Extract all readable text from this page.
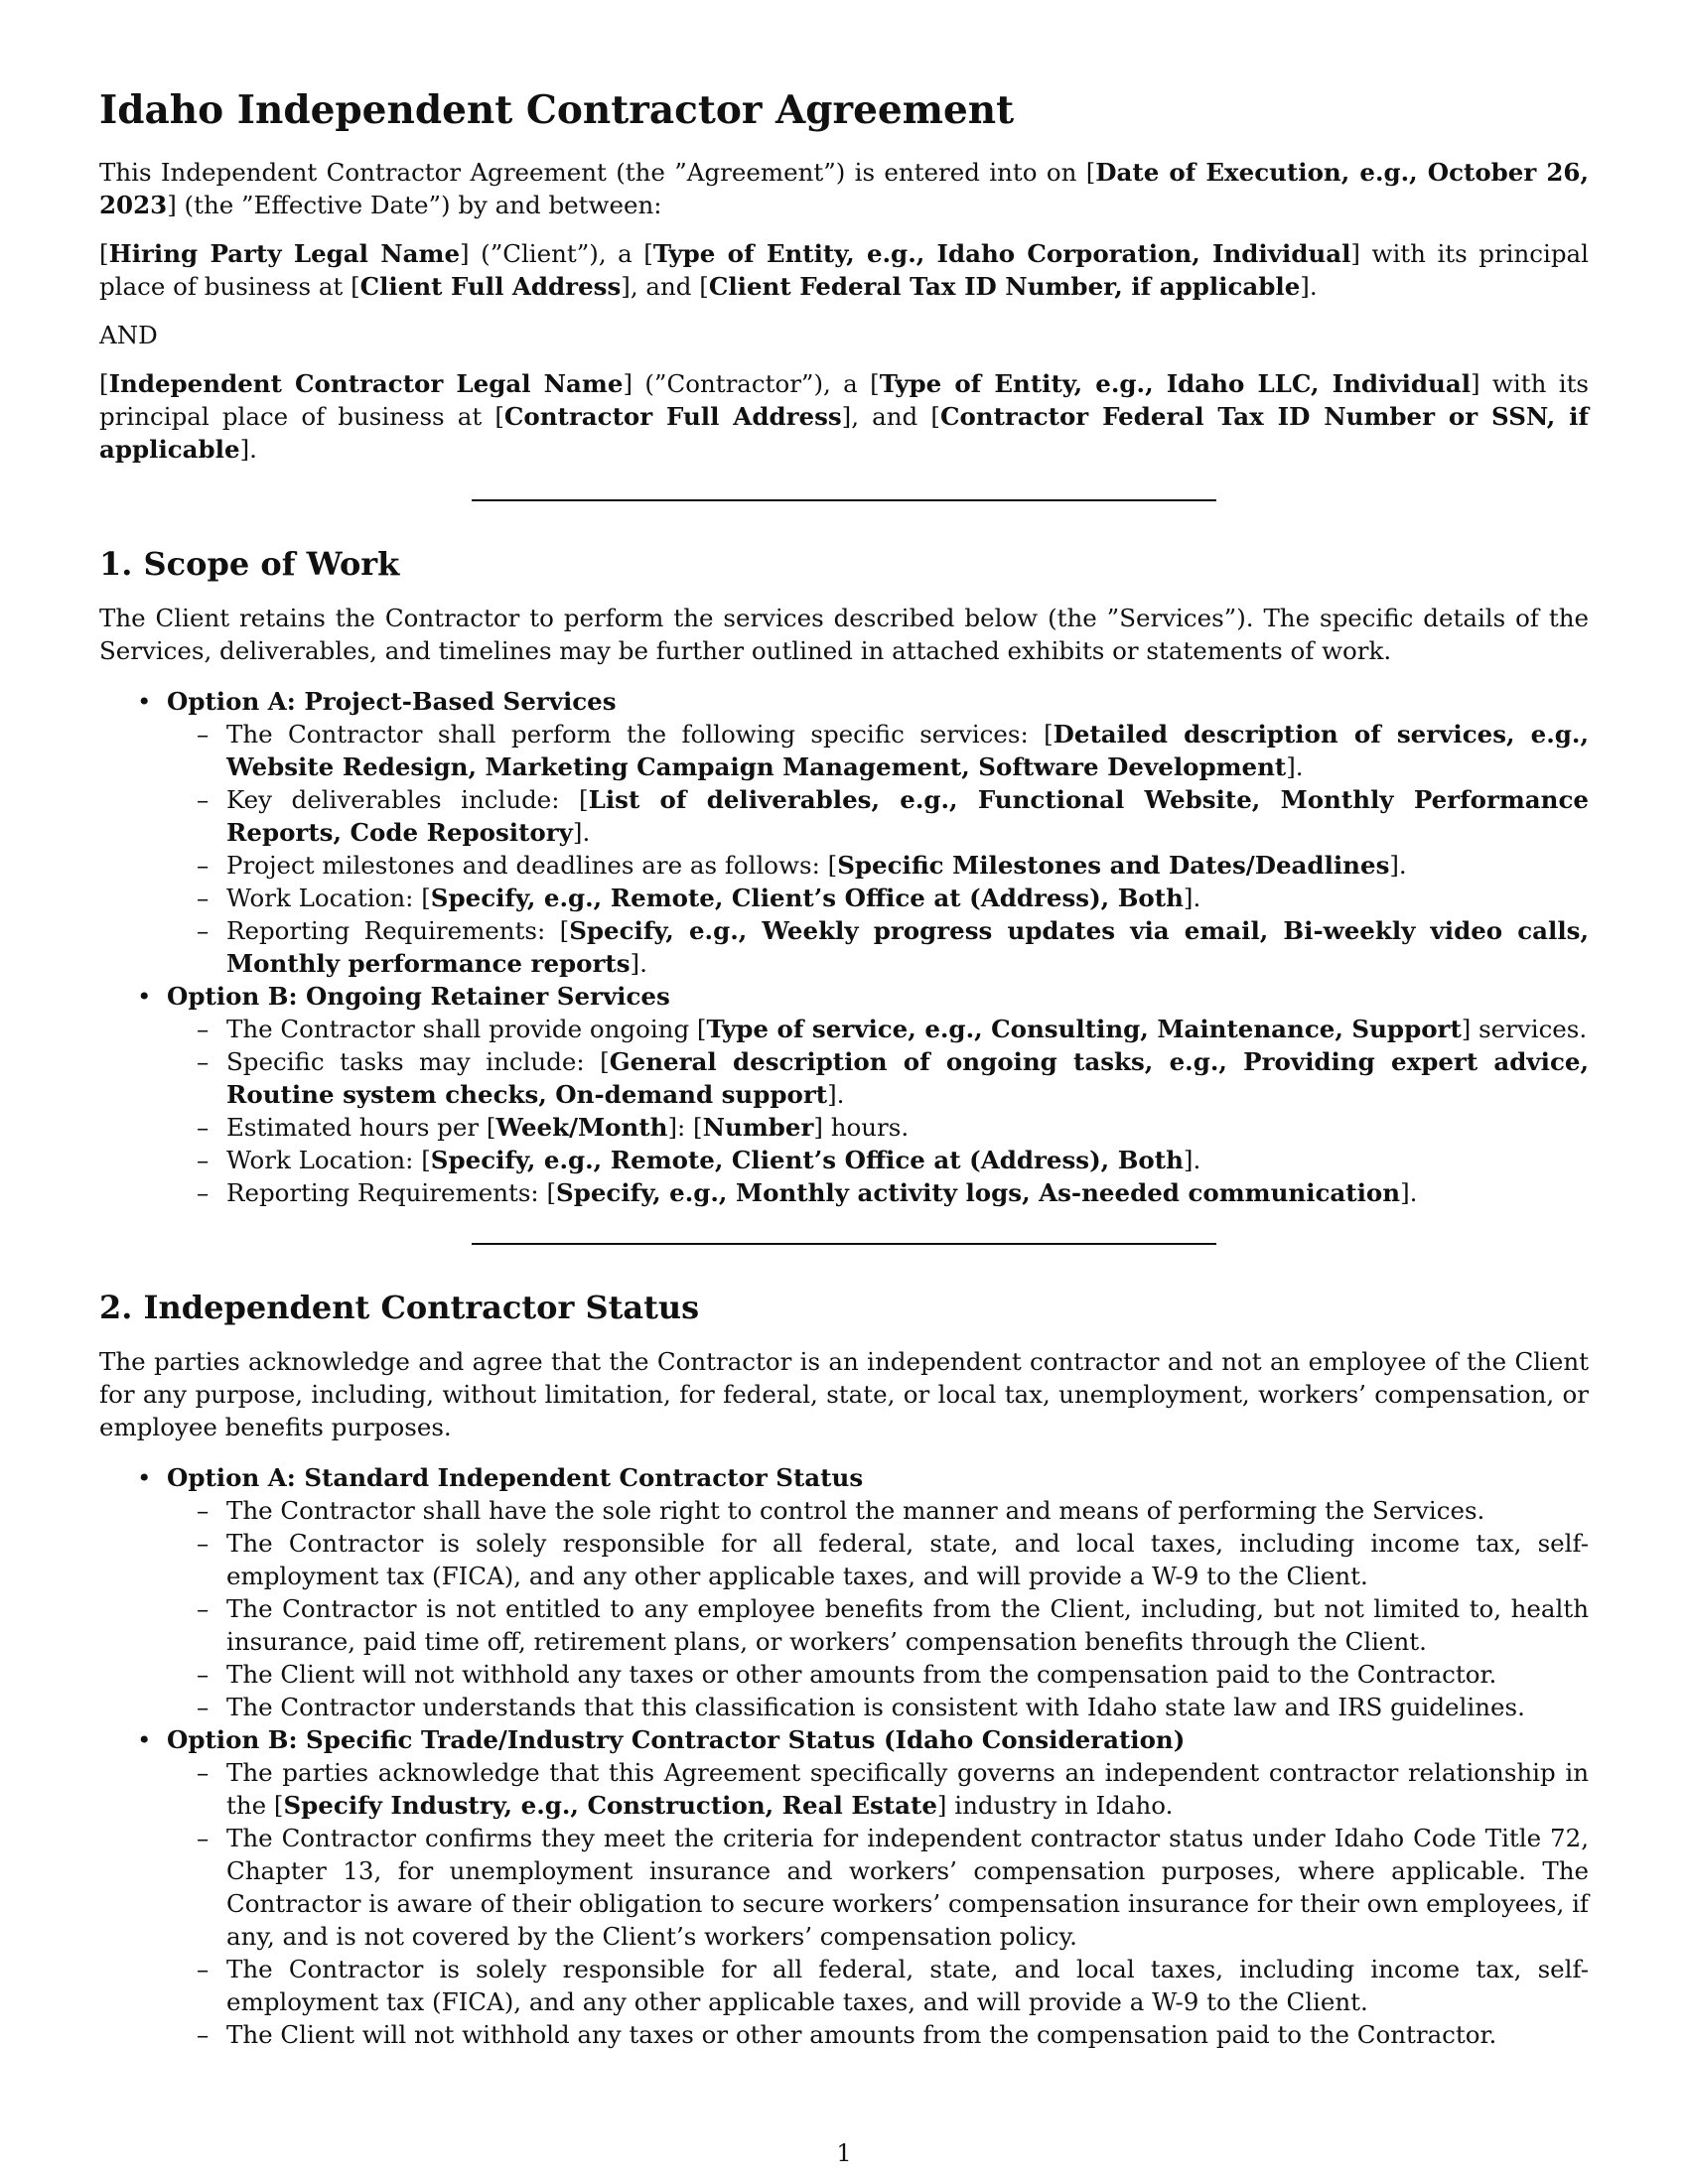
Idaho Independent Contractor Agreement

This Independent Contractor Agreement (the ”Agreement”) is entered into on [Date of Execution, e.g., October 26, 2023] (the ”Effective Date”) by and between:

[Hiring Party Legal Name] (”Client”), a [Type of Entity, e.g., Idaho Corporation, Individual] with its principal place of business at [Client Full Address], and [Client Federal Tax ID Number, if applicable].

AND

[Independent Contractor Legal Name] (”Contractor”), a [Type of Entity, e.g., Idaho LLC, Individual] with its principal place of business at [Contractor Full Address], and [Contractor Federal Tax ID Number or SSN, if applicable].

1. Scope of Work

The Client retains the Contractor to perform the services described below (the ”Services”). The specific details of the Services, deliverables, and timelines may be further outlined in attached exhibits or statements of work.

• Option A: Project-Based Services
– The Contractor shall perform the following specific services: [Detailed description of services, e.g., Website Redesign, Marketing Campaign Management, Software Development].
– Key deliverables include: [List of deliverables, e.g., Functional Website, Monthly Performance Reports, Code Repository].
– Project milestones and deadlines are as follows: [Specific Milestones and Dates/Deadlines].
– Work Location: [Specify, e.g., Remote, Client’s Office at (Address), Both].
– Reporting Requirements: [Specify, e.g., Weekly progress updates via email, Bi-weekly video calls, Monthly performance reports].
• Option B: Ongoing Retainer Services
– The Contractor shall provide ongoing [Type of service, e.g., Consulting, Maintenance, Support] services.
– Specific tasks may include: [General description of ongoing tasks, e.g., Providing expert advice, Routine system checks, On-demand support].
– Estimated hours per [Week/Month]: [Number] hours.
– Work Location: [Specify, e.g., Remote, Client’s Office at (Address), Both].
– Reporting Requirements: [Specify, e.g., Monthly activity logs, As-needed communication].
2. Independent Contractor Status

The parties acknowledge and agree that the Contractor is an independent contractor and not an employee of the Client for any purpose, including, without limitation, for federal, state, or local tax, unemployment, workers’ compensation, or employee benefits purposes.

• Option A: Standard Independent Contractor Status
– The Contractor shall have the sole right to control the manner and means of performing the Services.
– The Contractor is solely responsible for all federal, state, and local taxes, including income tax, self-employment tax (FICA), and any other applicable taxes, and will provide a W-9 to the Client.
– The Contractor is not entitled to any employee benefits from the Client, including, but not limited to, health insurance, paid time off, retirement plans, or workers’ compensation benefits through the Client.
– The Client will not withhold any taxes or other amounts from the compensation paid to the Contractor.
– The Contractor understands that this classification is consistent with Idaho state law and IRS guidelines.
• Option B: Specific Trade/Industry Contractor Status (Idaho Consideration)
– The parties acknowledge that this Agreement specifically governs an independent contractor relationship in the [Specify Industry, e.g., Construction, Real Estate] industry in Idaho.
– The Contractor confirms they meet the criteria for independent contractor status under Idaho Code Title 72, Chapter 13, for unemployment insurance and workers’ compensation purposes, where applicable. The Contractor is aware of their obligation to secure workers’ compensation insurance for their own employees, if any, and is not covered by the Client’s workers’ compensation policy.
– The Contractor is solely responsible for all federal, state, and local taxes, including income tax, self-employment tax (FICA), and any other applicable taxes, and will provide a W-9 to the Client.
– The Client will not withhold any taxes or other amounts from the compensation paid to the Contractor.
1
